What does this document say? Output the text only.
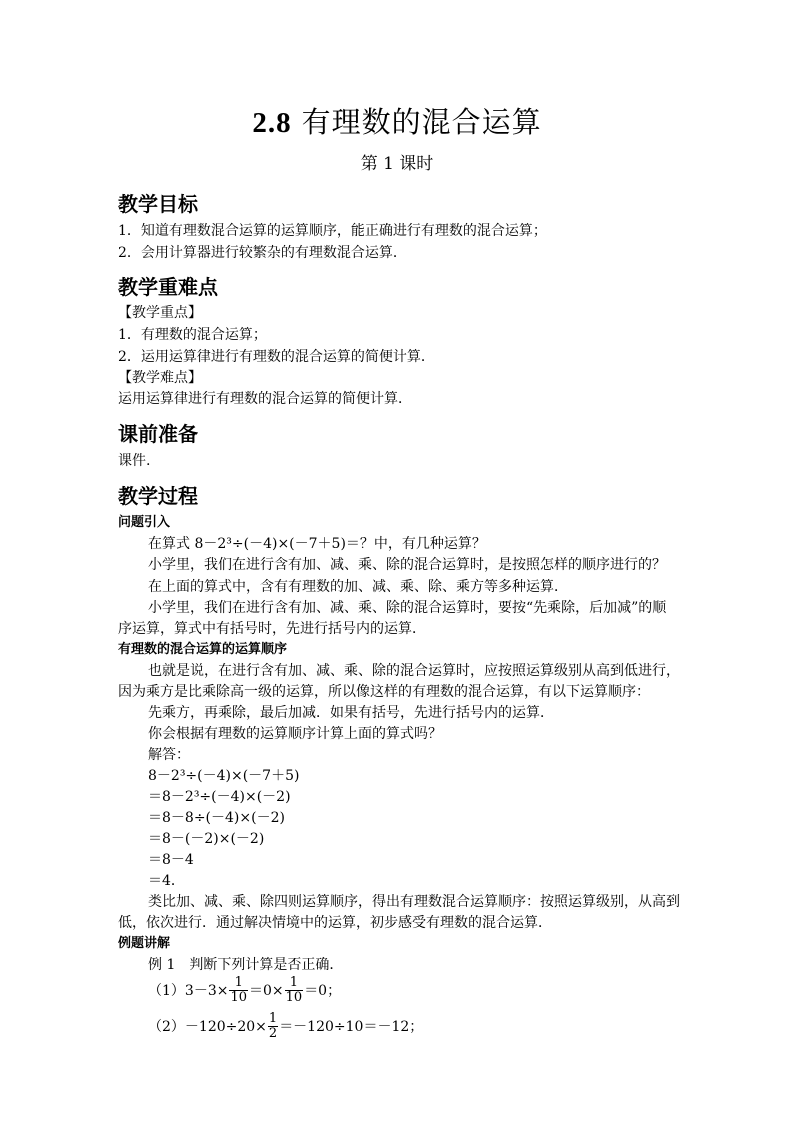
2.8 有理数的混合运算
第 1 课时
教学目标
1．知道有理数混合运算的运算顺序，能正确进行有理数的混合运算；
2．会用计算器进行较繁杂的有理数混合运算．
教学重难点
【教学重点】
1．有理数的混合运算；
2．运用运算律进行有理数的混合运算的简便计算．
【教学难点】
运用运算律进行有理数的混合运算的简便计算．
课前准备
课件.
教学过程
问题引入
在算式 8－2³÷(－4)×(－7＋5)＝？中，有几种运算？
小学里，我们在进行含有加、减、乘、除的混合运算时，是按照怎样的顺序进行的？
在上面的算式中，含有有理数的加、减、乘、除、乘方等多种运算．
小学里，我们在进行含有加、减、乘、除的混合运算时，要按“先乘除，后加减”的顺
序运算，算式中有括号时，先进行括号内的运算．
有理数的混合运算的运算顺序
也就是说，在进行含有加、减、乘、除的混合运算时，应按照运算级别从高到低进行，
因为乘方是比乘除高一级的运算，所以像这样的有理数的混合运算，有以下运算顺序：
先乘方，再乘除，最后加减．如果有括号，先进行括号内的运算．
你会根据有理数的运算顺序计算上面的算式吗？
解答：
8－2³÷(－4)×(－7＋5)
＝8－2³÷(－4)×(－2)
＝8－8÷(－4)×(－2)
＝8－(－2)×(－2)
＝8－4
＝4．
类比加、减、乘、除四则运算顺序，得出有理数混合运算顺序：按照运算级别，从高到
低，依次进行．通过解决情境中的运算，初步感受有理数的混合运算．
例题讲解
例 1　判断下列计算是否正确．
$(1)3-3\times \frac{1}{10} =0\times \frac{1}{10} =0$；
$(2)-120\div 20\times \frac{1}{2} =-120\div 10=-12$；
